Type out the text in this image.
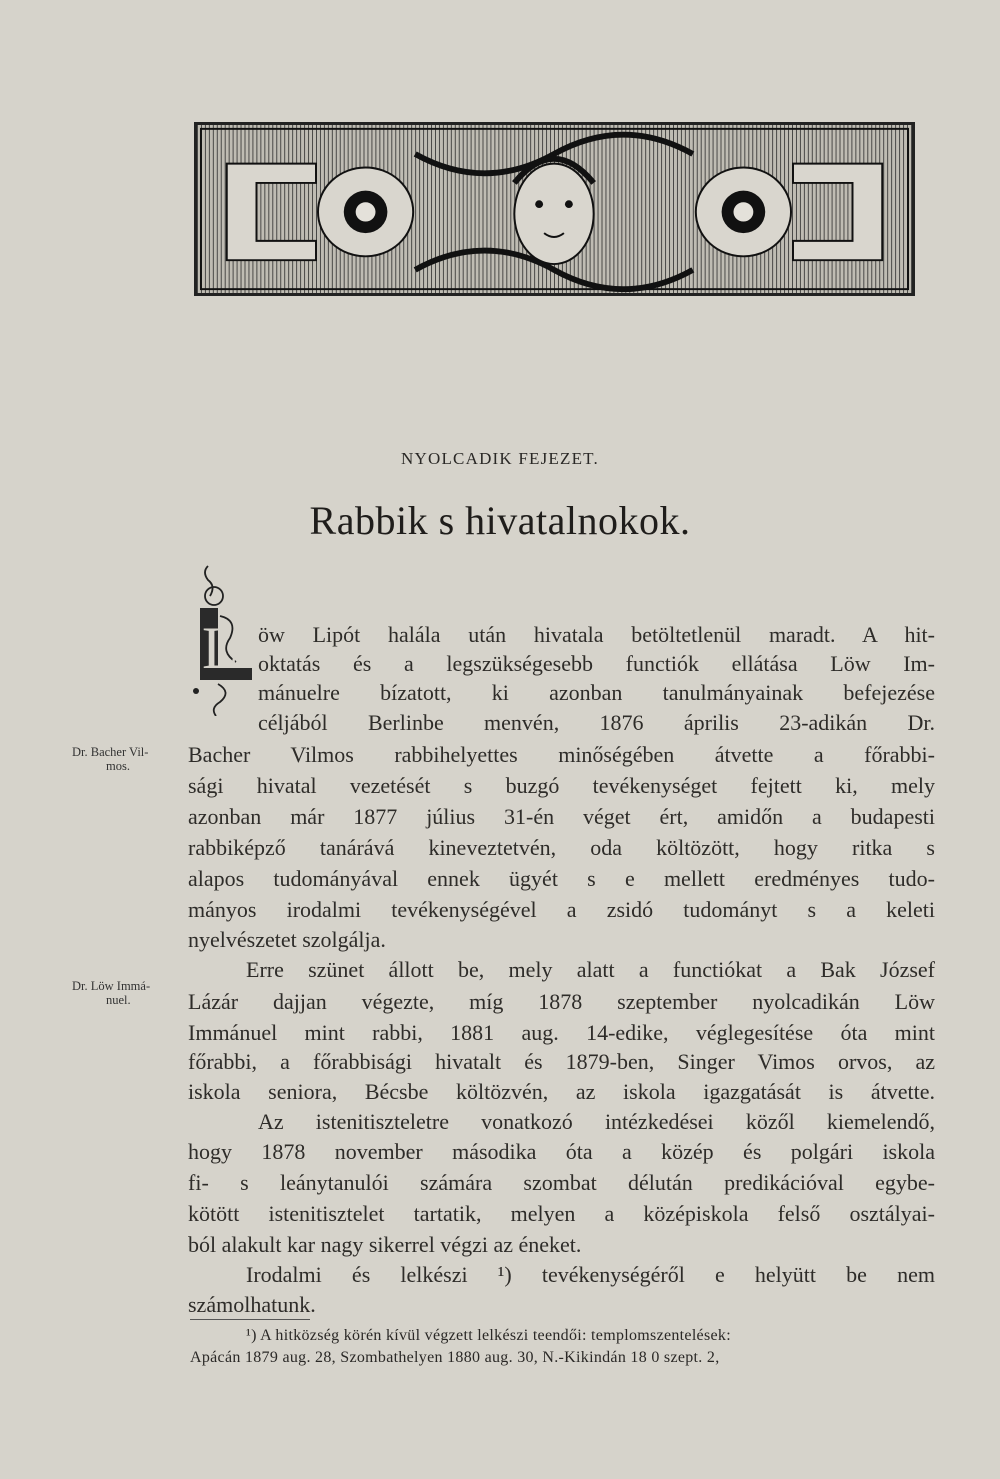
NYOLCADIK FEJEZET.
Rabbik s hivatalnokok.
L
Dr. Bacher Vil-
mos.
Dr. Löw Immá-
nuel.
öw Lipót halála után hivatala betöltetlenül maradt. A hit-
oktatás és a legszükségesebb functiók ellátása Löw Im-
mánuelre bízatott, ki azonban tanulmányainak befejezése
céljából Berlinbe menvén, 1876 április 23-adikán Dr.
Bacher Vilmos rabbihelyettes minőségében átvette a főrabbi-
sági hivatal vezetését s buzgó tevékenységet fejtett ki, mely
azonban már 1877 július 31-én véget ért, amidőn a budapesti
rabbiképző tanárává kineveztetvén, oda költözött, hogy ritka s
alapos tudományával ennek ügyét s e mellett eredményes tudo-
mányos irodalmi tevékenységével a zsidó tudományt s a keleti
nyelvészetet szolgálja.
Erre szünet állott be, mely alatt a functiókat a Bak József
Lázár dajjan végezte, míg 1878 szeptember nyolcadikán Löw
Immánuel mint rabbi, 1881 aug. 14-edike, véglegesítése óta mint
főrabbi, a főrabbisági hivatalt és 1879-ben, Singer Vimos orvos, az
iskola seniora, Bécsbe költözvén, az iskola igazgatását is átvette.
Az istenitiszteletre vonatkozó intézkedései közől kiemelendő,
hogy 1878 november másodika óta a közép és polgári iskola
fi- s leánytanulói számára szombat délután predikációval egybe-
kötött istenitisztelet tartatik, melyen a középiskola felső osztályai-
ból alakult kar nagy sikerrel végzi az éneket.
Irodalmi és lelkészi ¹) tevékenységéről e helyütt be nem
számolhatunk.
¹) A hitközség körén kívül végzett lelkészi teendői: templomszentelések:
Apácán 1879 aug. 28, Szombathelyen 1880 aug. 30, N.-Kikindán 18 0 szept. 2,
